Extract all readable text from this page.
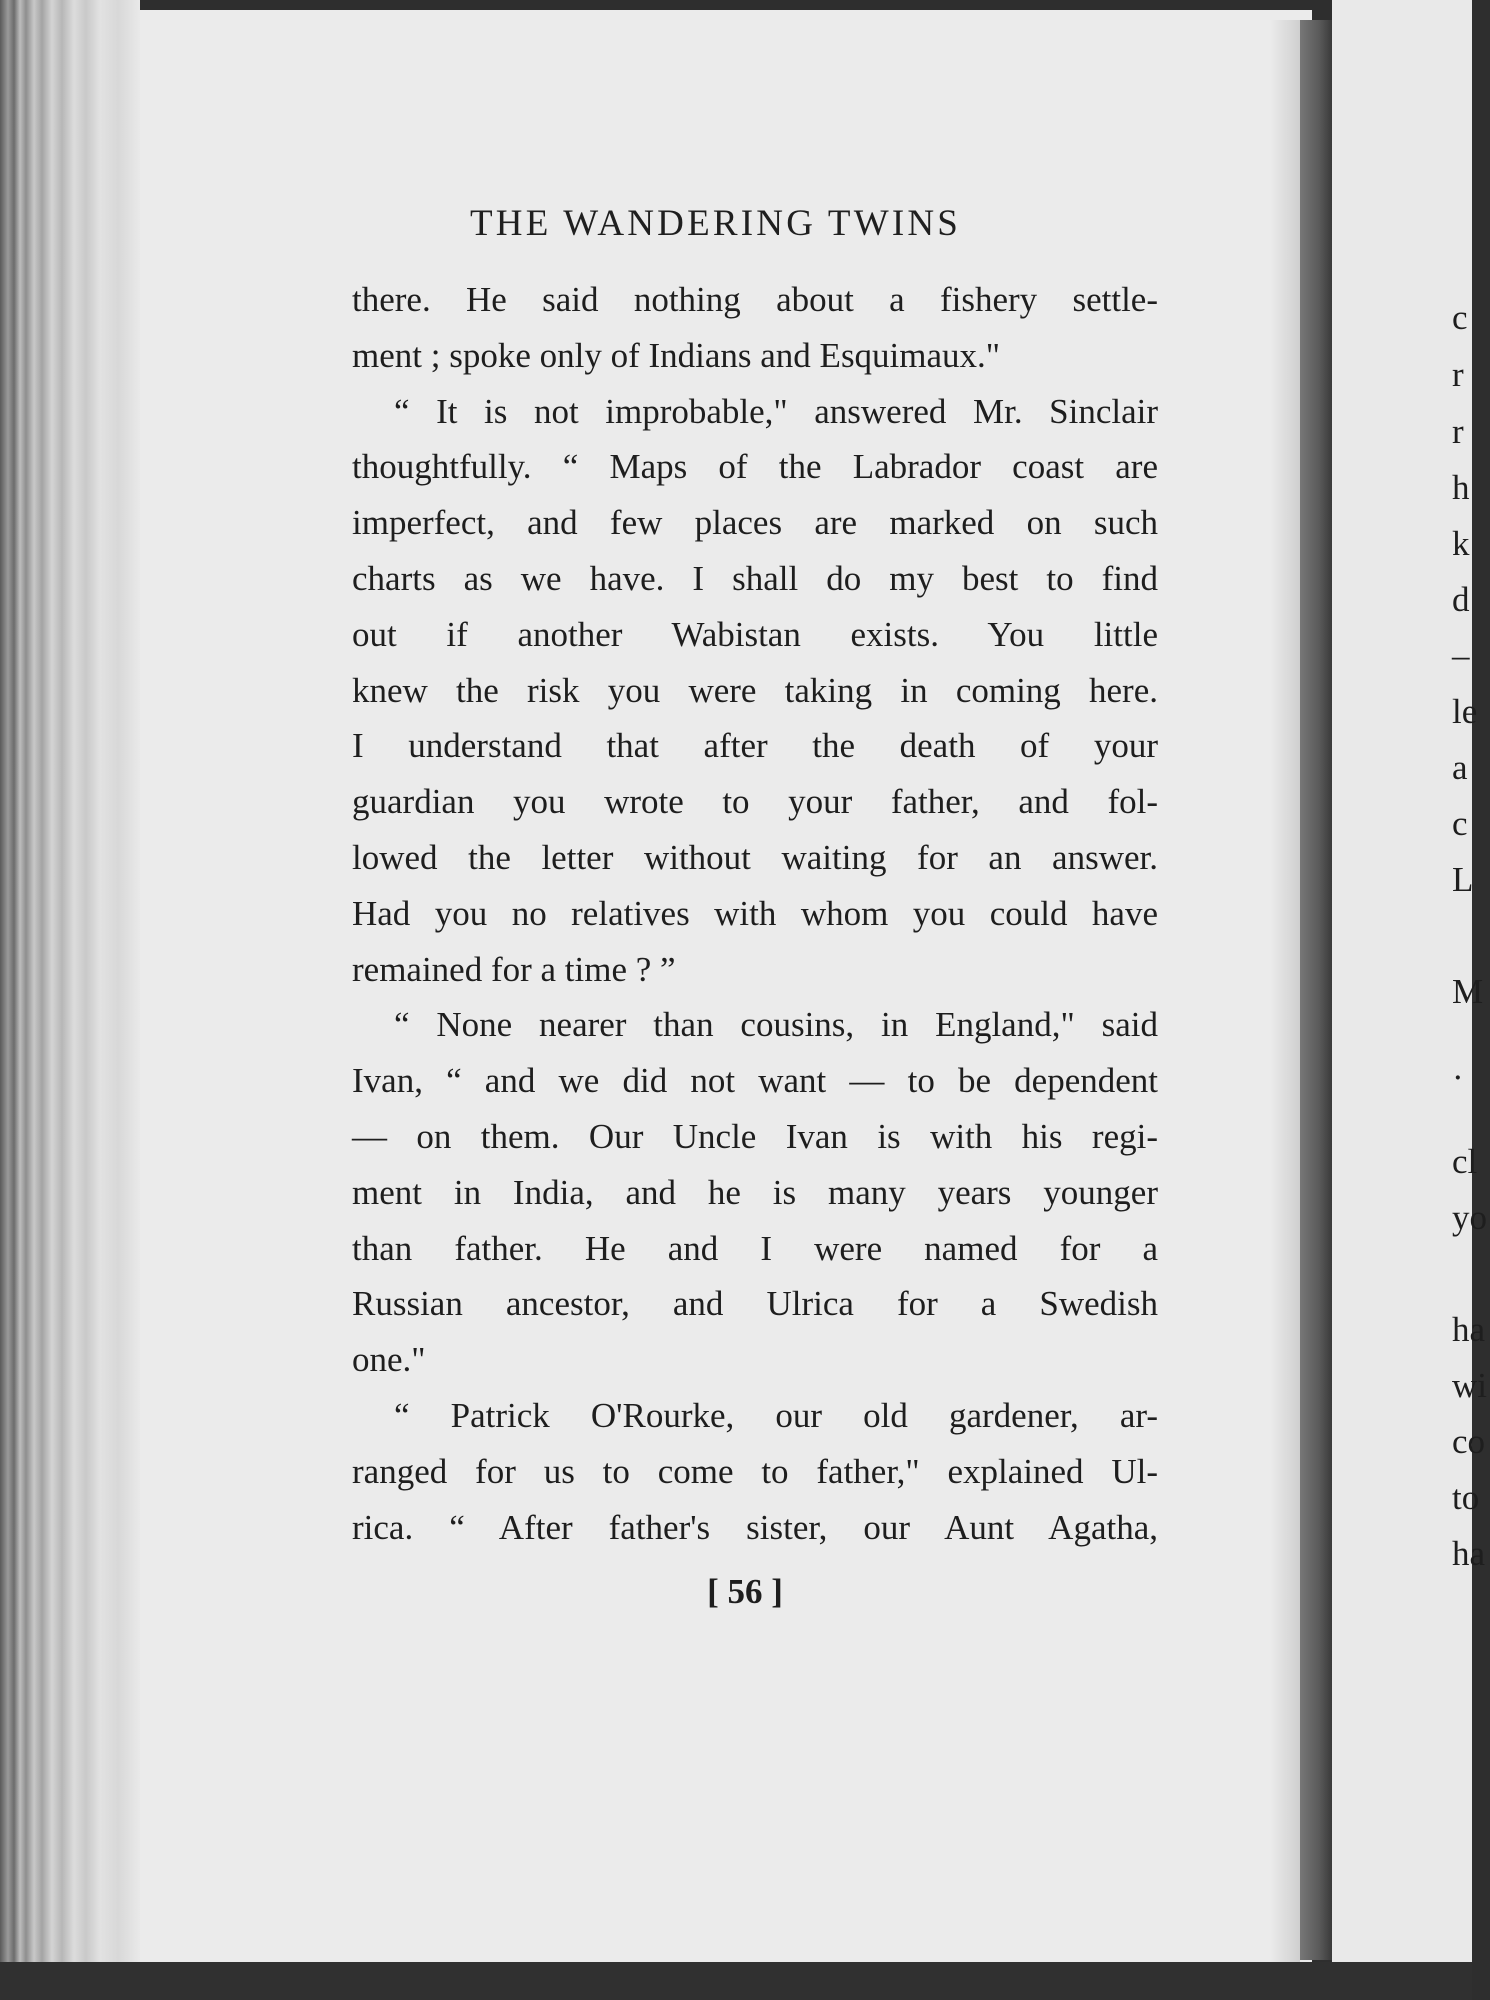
THE WANDERING TWINS
there. He said nothing about a fishery settle-
ment ; spoke only of Indians and Esquimaux."
“ It is not improbable," answered Mr. Sinclair
thoughtfully. “ Maps of the Labrador coast are
imperfect, and few places are marked on such
charts as we have. I shall do my best to find
out if another Wabistan exists. You little
knew the risk you were taking in coming here.
I understand that after the death of your
guardian you wrote to your father, and fol-
lowed the letter without waiting for an answer.
Had you no relatives with whom you could have
remained for a time ? ”
“ None nearer than cousins, in England," said
Ivan, “ and we did not want — to be dependent
— on them. Our Uncle Ivan is with his regi-
ment in India, and he is many years younger
than father. He and I were named for a
Russian ancestor, and Ulrica for a Swedish
one."
“ Patrick O'Rourke, our old gardener, ar-
ranged for us to come to father," explained Ul-
rica. “ After father's sister, our Aunt Agatha,
[ 56 ]
c
r
r
h
k
d
–
le
a
c
L
M
·
cl
yo
ha
wi
co
to
ha
